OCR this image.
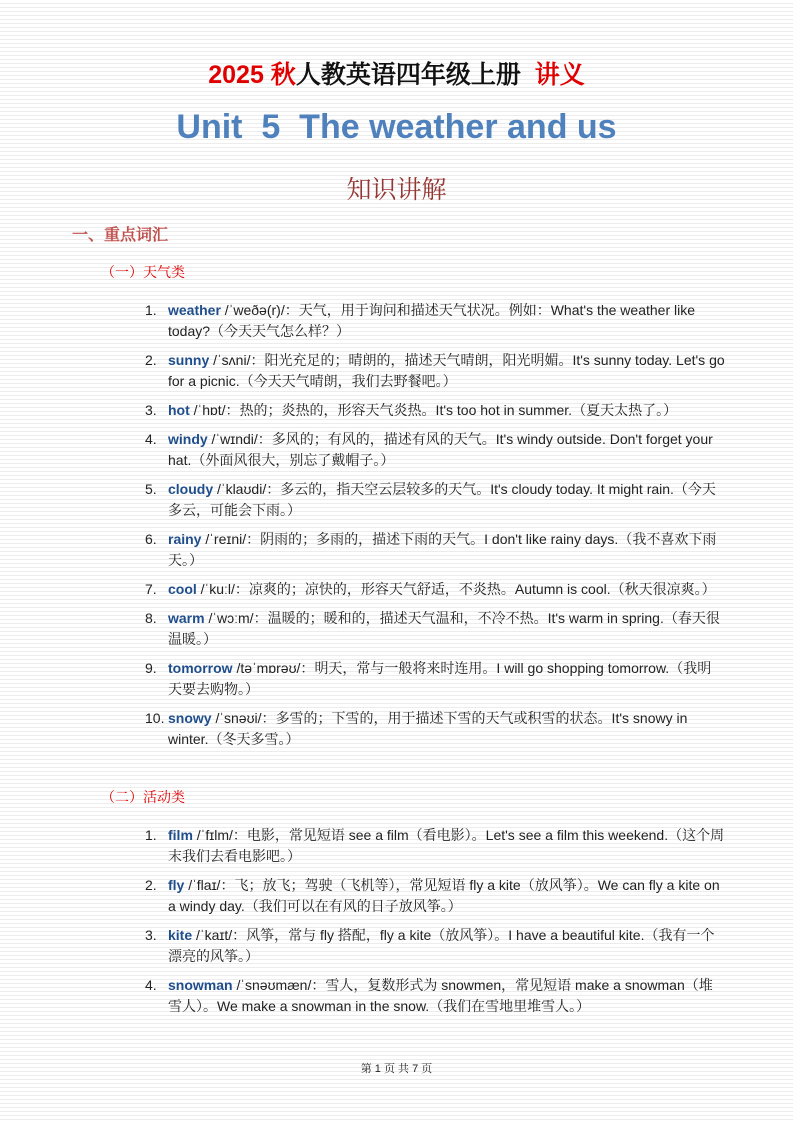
2025 秋人教英语四年级上册 讲义
Unit  5  The weather and us
知识讲解
一、重点词汇
（一）天气类
1. weather /ˈweðə(r)/：天气，用于询问和描述天气状况。例如：What's the weather like today?（今天天气怎么样？）
2. sunny /ˈsʌni/：阳光充足的；晴朗的，描述天气晴朗，阳光明媚。It's sunny today. Let's go for a picnic.（今天天气晴朗，我们去野餐吧。）
3. hot /ˈhɒt/：热的；炎热的，形容天气炎热。It's too hot in summer.（夏天太热了。）
4. windy /ˈwɪndi/：多风的；有风的，描述有风的天气。It's windy outside. Don't forget your hat.（外面风很大，别忘了戴帽子。）
5. cloudy /ˈklaʊdi/：多云的，指天空云层较多的天气。It's cloudy today. It might rain.（今天多云，可能会下雨。）
6. rainy /ˈreɪni/：阴雨的；多雨的，描述下雨的天气。I don't like rainy days.（我不喜欢下雨天。）
7. cool /ˈkuːl/：凉爽的；凉快的，形容天气舒适，不炎热。Autumn is cool.（秋天很凉爽。）
8. warm /ˈwɔːm/：温暖的；暖和的，描述天气温和，不冷不热。It's warm in spring.（春天很温暖。）
9. tomorrow /təˈmɒrəʊ/：明天，常与一般将来时连用。I will go shopping tomorrow.（我明天要去购物。）
10. snowy /ˈsnəʊi/：多雪的；下雪的，用于描述下雪的天气或积雪的状态。It's snowy in winter.（冬天多雪。）
（二）活动类
1. film /ˈfɪlm/：电影，常见短语 see a film（看电影）。Let's see a film this weekend.（这个周末我们去看电影吧。）
2. fly /ˈflaɪ/：飞；放飞；驾驶（飞机等），常见短语 fly a kite（放风筝）。We can fly a kite on a windy day.（我们可以在有风的日子放风筝。）
3. kite /ˈkaɪt/：风筝，常与 fly 搭配，fly a kite（放风筝）。I have a beautiful kite.（我有一个漂亮的风筝。）
4. snowman /ˈsnəʊmæn/：雪人，复数形式为 snowmen，常见短语 make a snowman（堆雪人）。We make a snowman in the snow.（我们在雪地里堆雪人。）
第 1 页 共 7 页
